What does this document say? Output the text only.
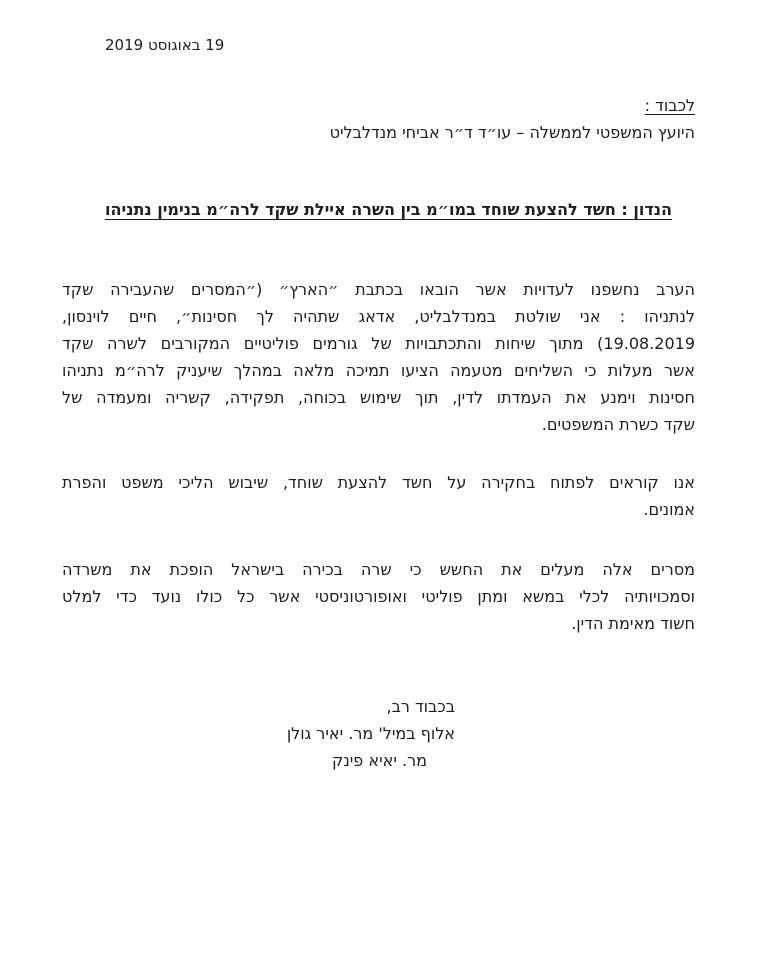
19 באוגוסט 2019
לכבוד :
היועץ המשפטי לממשלה – עו״ד ד״ר אביחי מנדלבליט
הנדון : חשד להצעת שוחד במו״מ בין השרה איילת שקד לרה״מ בנימין נתניהו
הערב נחשפנו לעדויות אשר הובאו בכתבת ״הארץ״ (״המסרים שהעבירה שקד
לנתניהו : אני שולטת במנדלבליט, אדאג שתהיה לך חסינות״, חיים לוינסון,
19.08.2019) מתוך שיחות והתכתבויות של גורמים פוליטיים המקורבים לשרה שקד
אשר מעלות כי השליחים מטעמה הציעו תמיכה מלאה במהלך שיעניק לרה״מ נתניהו
חסינות וימנע את העמדתו לדין, תוך שימוש בכוחה, תפקידה, קשריה ומעמדה של
שקד כשרת המשפטים.
אנו קוראים לפתוח בחקירה על חשד להצעת שוחד, שיבוש הליכי משפט והפרת
אמונים.
מסרים אלה מעלים את החשש כי שרה בכירה בישראל הופכת את משרדה
וסמכויותיה לכלי במשא ומתן פוליטי ואופורטוניסטי אשר כל כולו נועד כדי למלט
חשוד מאימת הדין.
בכבוד רב,
אלוף במיל' מר. יאיר גולן
מר. יאיא פינק
